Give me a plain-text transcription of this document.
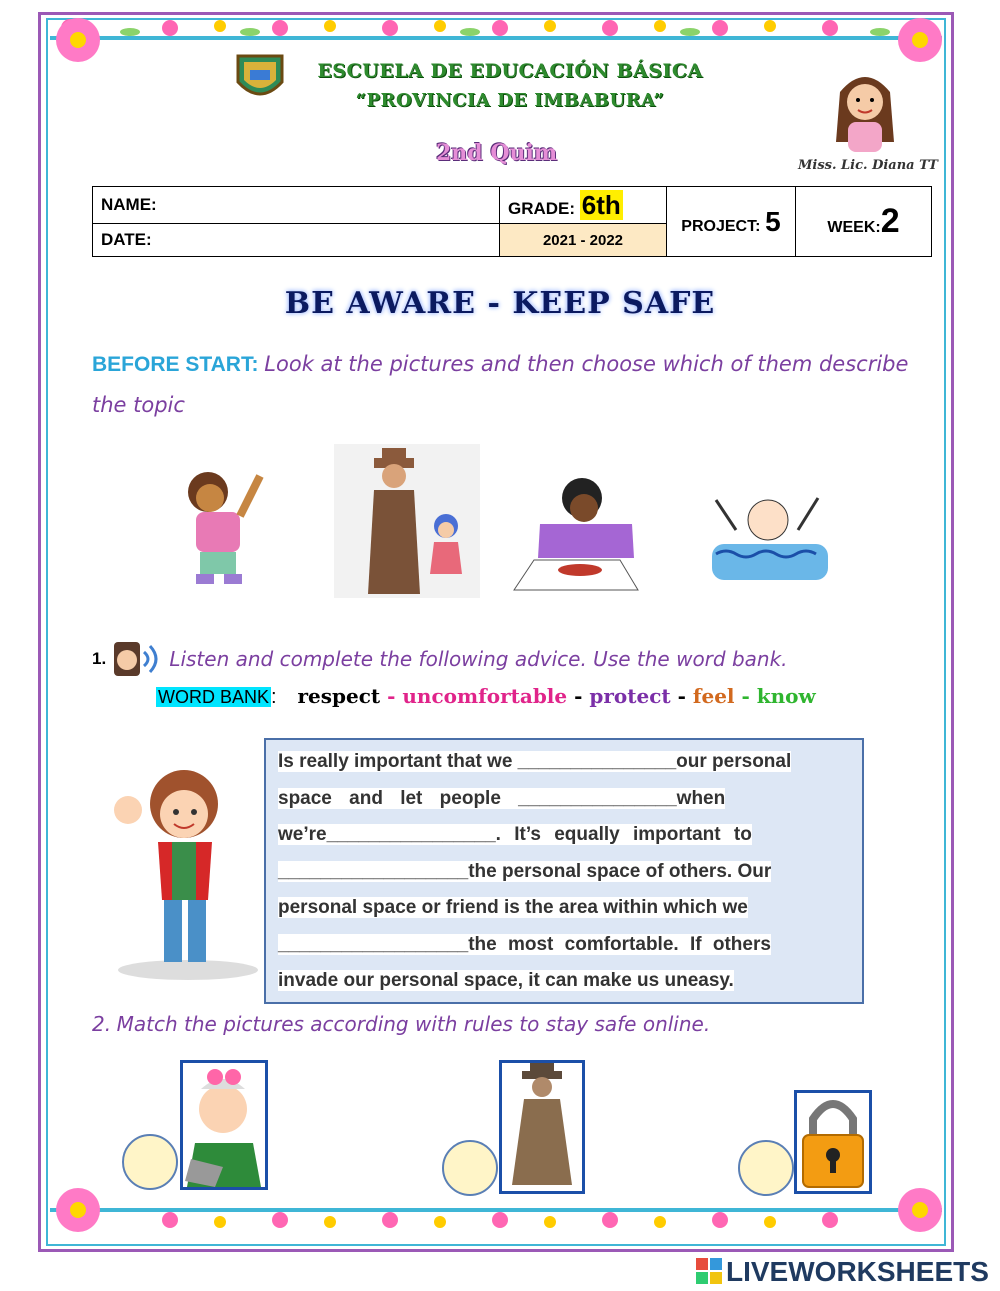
ESCUELA DE EDUCACIÓN BÁSICA
“PROVINCIA DE IMBABURA”
2nd Quim	Miss. Lic. Diana TT
NAME:	GRADE: 6th	PROJECT: 5	WEEK:2
DATE:	2021 - 2022		
BE AWARE - KEEP SAFE
BEFORE START: Look at the pictures and then choose which of them describe the topic
1.	Listen and complete the following advice. Use the word bank.
WORD BANK : respect - uncomfortable - protect - feel - know

Is really important that we _______________our personal

space and let people _______________when

we’re________________. It’s equally important to

__________________the personal space of others. Our

personal space or friend is the area within which we

__________________the most comfortable. If others

invade our personal space, it can make us uneasy.

2. Match the pictures according with rules to stay safe online.
LIVEWORKSHEETS
